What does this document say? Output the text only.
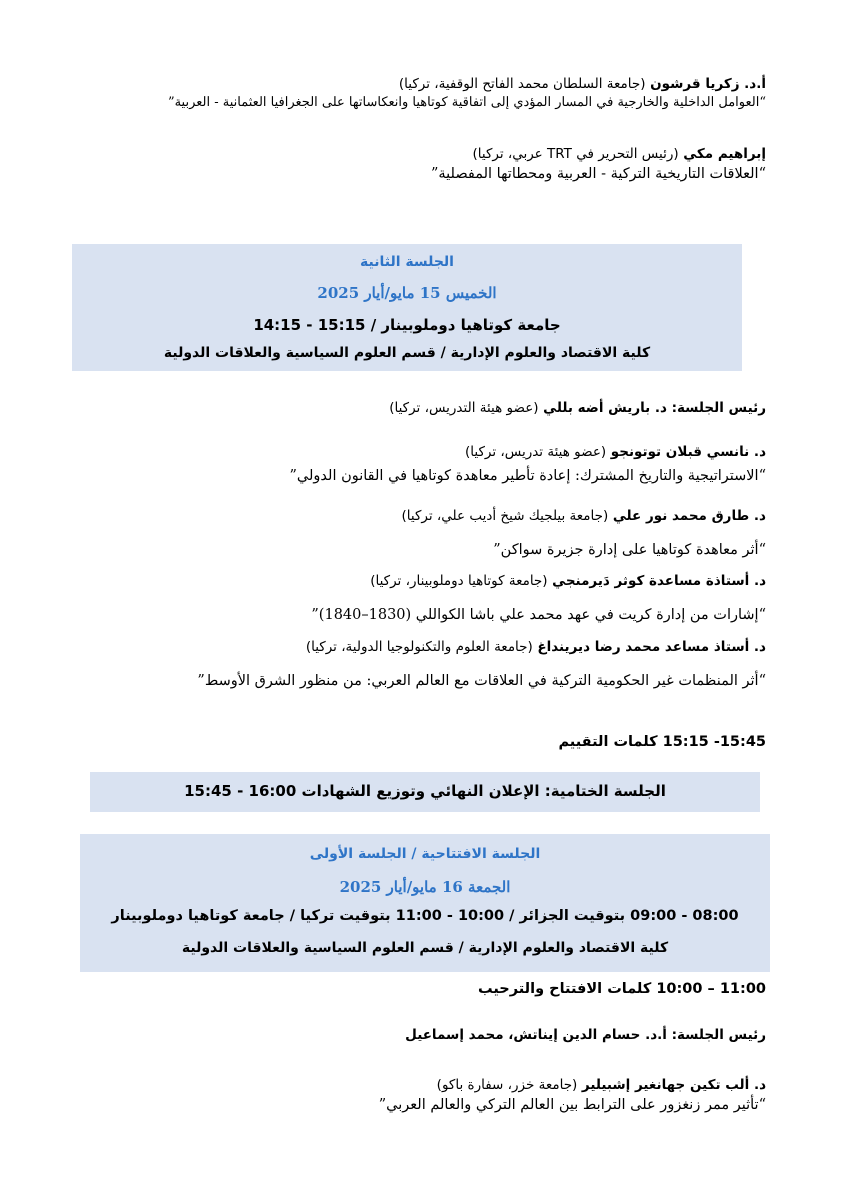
أ.د. زكريا قرشون (جامعة السلطان محمد الفاتح الوقفية، تركيا)
“العوامل الداخلية والخارجية في المسار المؤدي إلى اتفاقية كوتاهيا وانعكاساتها على الجغرافيا العثمانية - العربية”
إبراهيم مكي (رئيس التحرير في TRT عربي، تركيا)
“العلاقات التاريخية التركية - العربية ومحطاتها المفصلية”
الجلسة الثانية
الخميس 15 مايو/أيار 2025
جامعة كوتاهيا دوملوبينار / 15:15 - 14:15
كلية الاقتصاد والعلوم الإدارية / قسم العلوم السياسية والعلاقات الدولية
رئيس الجلسة: د. باريش أضه بللي (عضو هيئة التدريس، تركيا)
د. نانسي قبلان توتونجو (عضو هيئة تدريس، تركيا)
“الاستراتيجية والتاريخ المشترك: إعادة تأطير معاهدة كوتاهيا في القانون الدولي”
د. طارق محمد نور علي (جامعة بيلجيك شيخ أديب علي، تركيا)
“أثر معاهدة كوتاهيا على إدارة جزيرة سواكن”
د. أستاذة مساعدة كوثر دَيرمنجي (جامعة كوتاهيا دوملوبينار، تركيا)
“إشارات من إدارة كريت في عهد محمد علي باشا الكواللي (1830–1840)”
د. أستاذ مساعد محمد رضا ديرينداغ (جامعة العلوم والتكنولوجيا الدولية، تركيا)
“أثر المنظمات غير الحكومية التركية في العلاقات مع العالم العربي: من منظور الشرق الأوسط”
15:45- 15:15 كلمات التقييم
الجلسة الختامية: الإعلان النهائي وتوزيع الشهادات 16:00 - 15:45
الجلسة الافتتاحية / الجلسة الأولى
الجمعة 16 مايو/أيار 2025
08:00 - 09:00 بتوقيت الجزائر / 10:00 - 11:00 بتوقيت تركيا / جامعة كوتاهيا دوملوبينار
كلية الاقتصاد والعلوم الإدارية / قسم العلوم السياسية والعلاقات الدولية
11:00 – 10:00 كلمات الافتتاح والترحيب
رئيس الجلسة: أ.د. حسام الدين إيناتش، محمد إسماعيل
د. ألب تكين جهانغير إشبيلير (جامعة خزر، سفارة باكو)
“تأثير ممر زنغزور على الترابط بين العالم التركي والعالم العربي”
